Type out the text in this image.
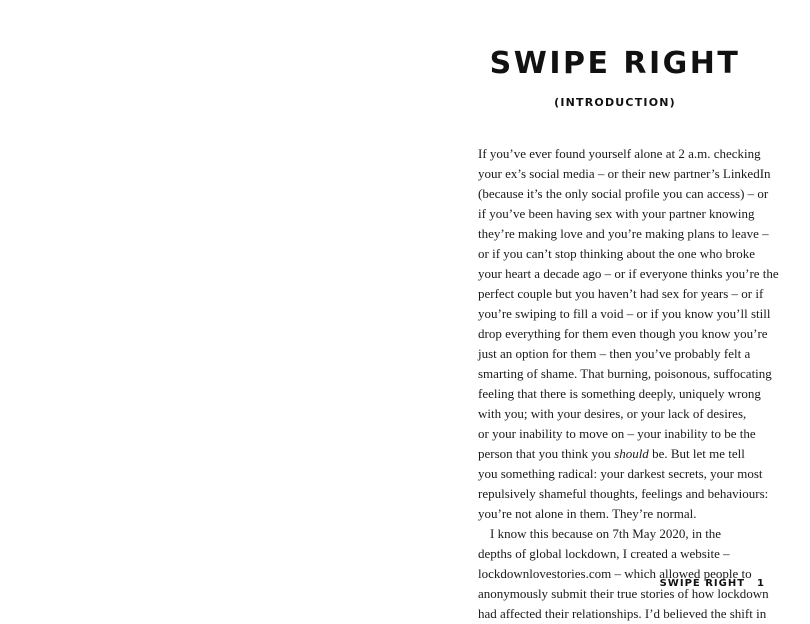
SWIPE RIGHT
(INTRODUCTION)
If you’ve ever found yourself alone at 2 a.m. checking
your ex’s social media – or their new partner’s LinkedIn
(because it’s the only social profile you can access) – or
if you’ve been having sex with your partner knowing
they’re making love and you’re making plans to leave –
or if you can’t stop thinking about the one who broke
your heart a decade ago – or if everyone thinks you’re the
perfect couple but you haven’t had sex for years – or if
you’re swiping to fill a void – or if you know you’ll still
drop everything for them even though you know you’re
just an option for them – then you’ve probably felt a
smarting of shame. That burning, poisonous, suffocating
feeling that there is something deeply, uniquely wrong
with you; with your desires, or your lack of desires,
or your inability to move on – your inability to be the
person that you think you should be. But let me tell
you something radical: your darkest secrets, your most
repulsively shameful thoughts, feelings and behaviours:
you’re not alone in them. They’re normal.
I know this because on 7th May 2020, in the
depths of global lockdown, I created a website –
lockdownlovestories.com – which allowed people to
anonymously submit their true stories of how lockdown
had affected their relationships. I’d believed the shift in
SWIPE RIGHT 1
